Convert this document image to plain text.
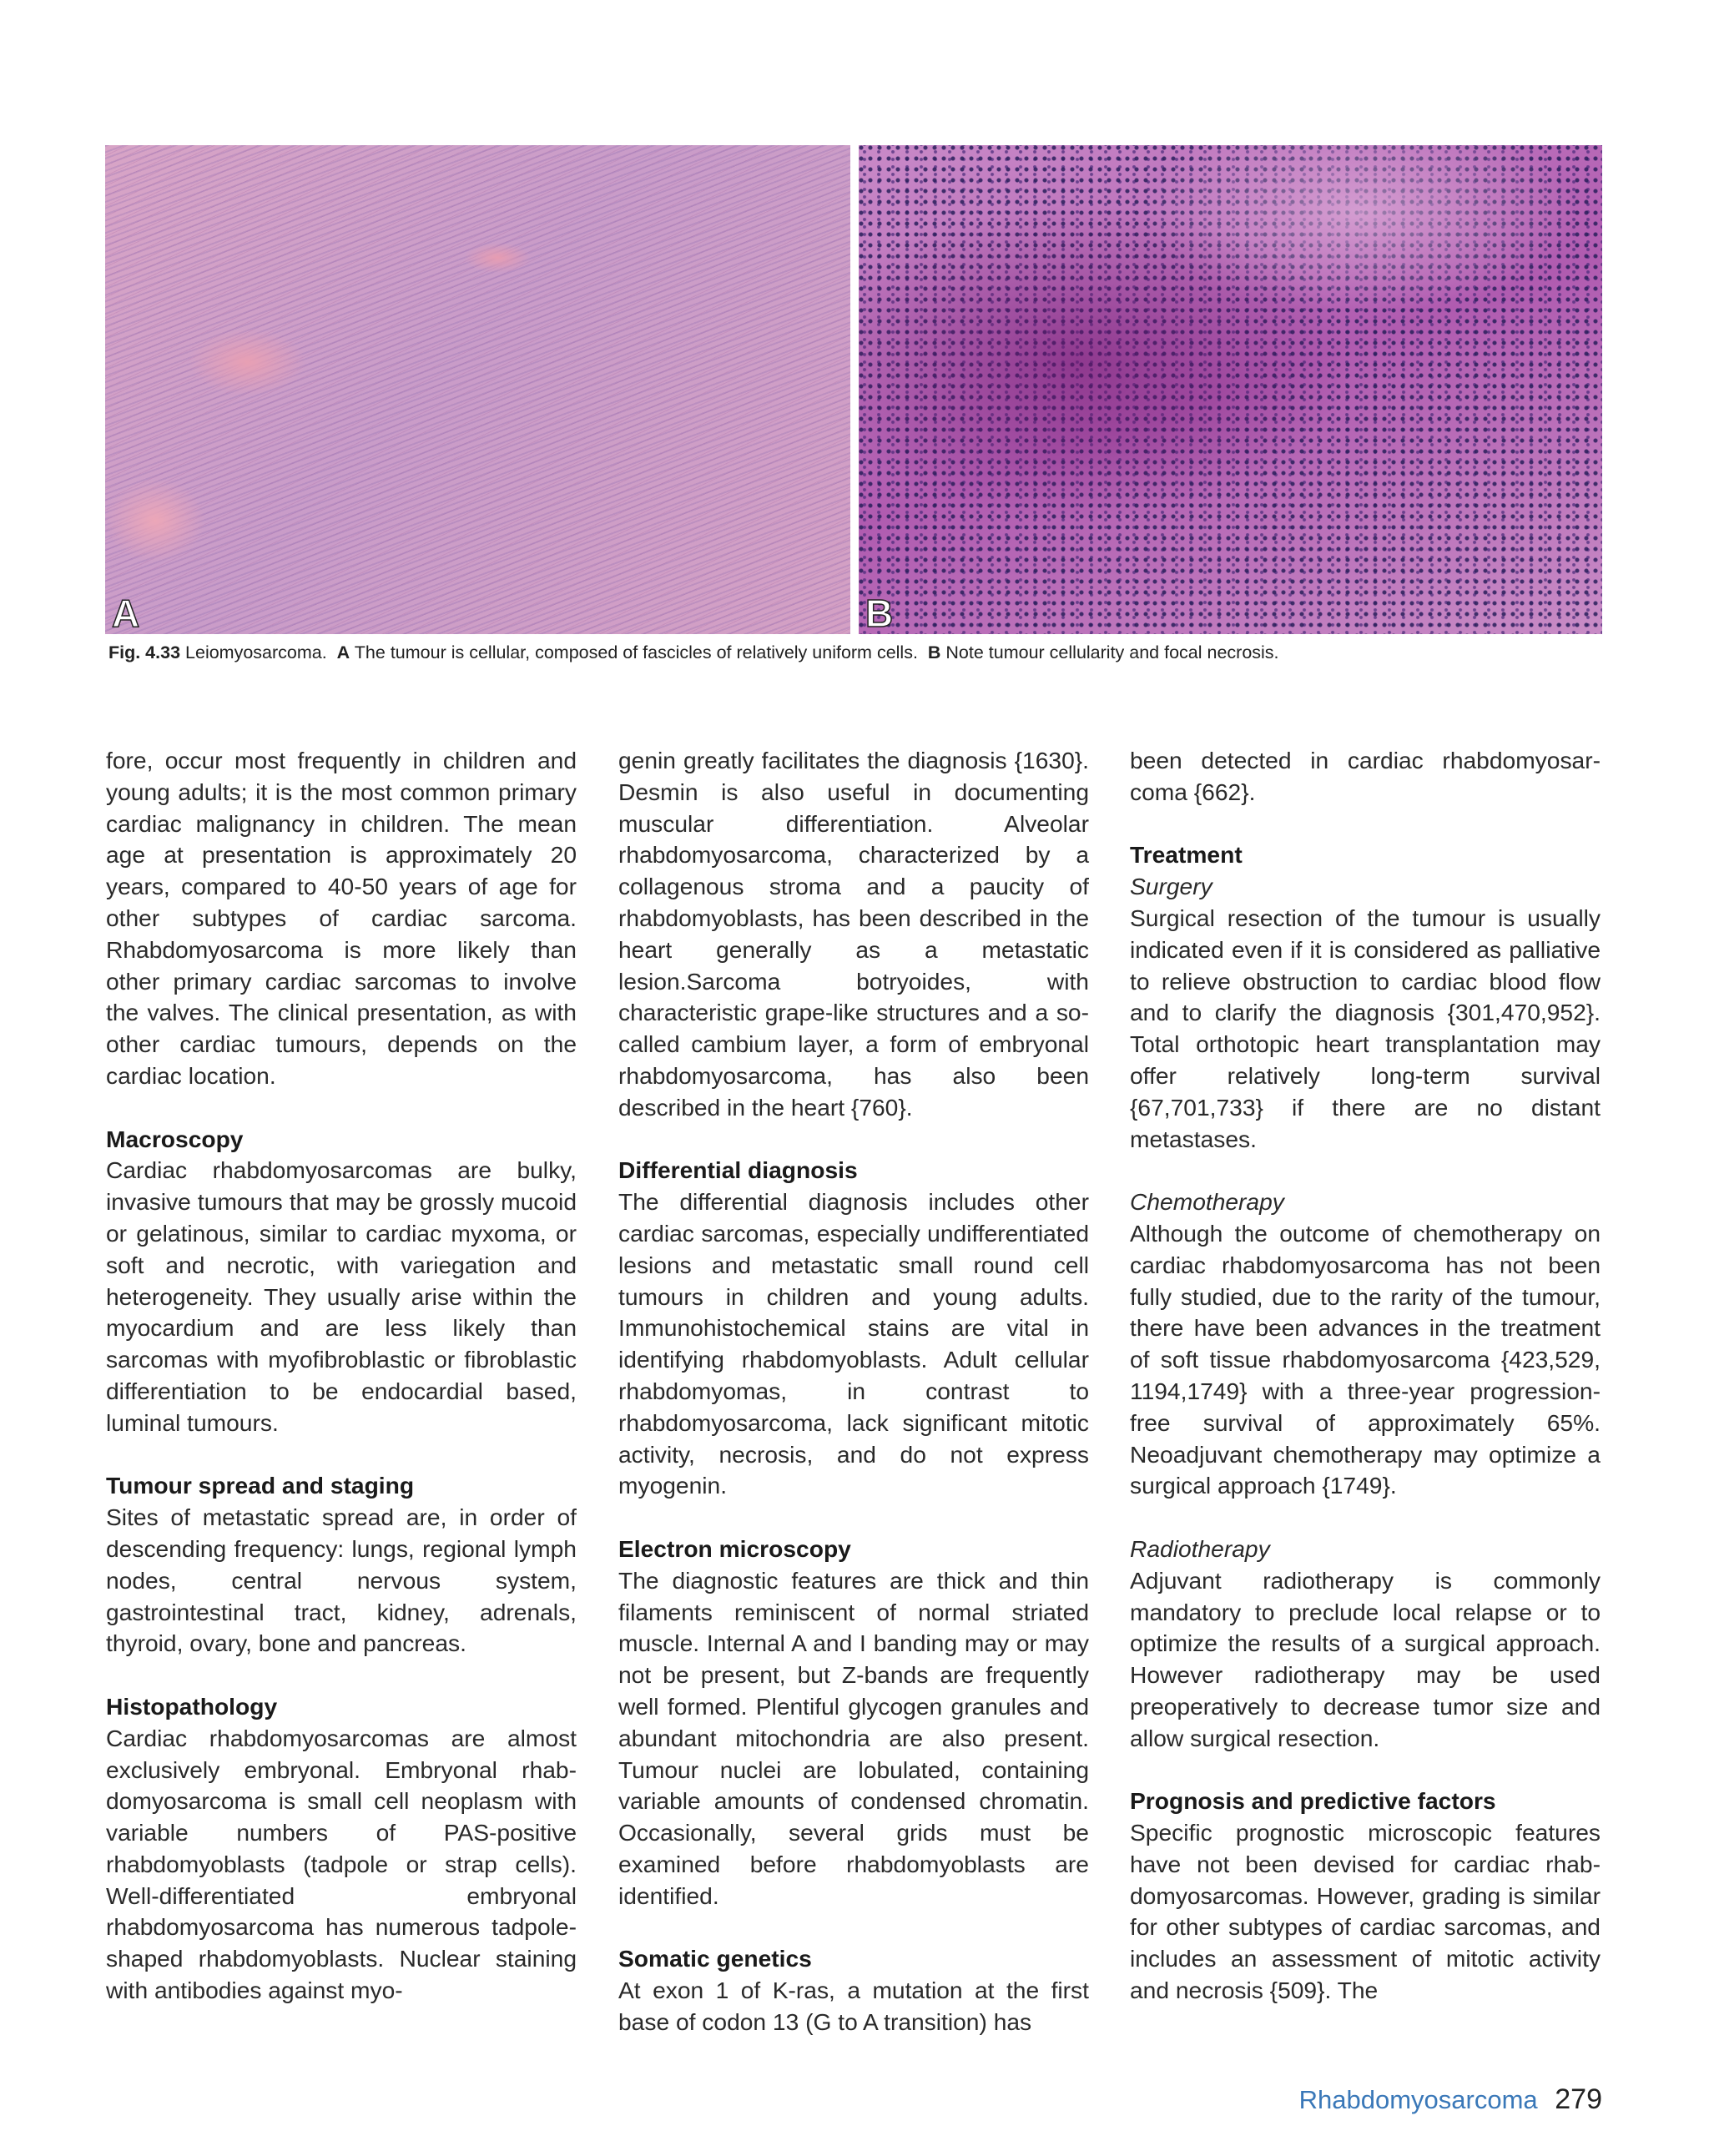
A	B
Fig. 4.33 Leiomyosarcoma. A The tumour is cellular, composed of fascicles of relatively uniform cells. B Note tumour cellularity and focal necrosis.

fore, occur most frequently in children and young adults; it is the most common primary cardiac malignancy in children. The mean age at presentation is approximately 20 years, compared to 40-50 years of age for other subtypes of cardiac sarcoma. Rhabdomyosarcoma is more likely than other primary cardiac sarcomas to involve the valves. The clinical presentation, as with other cardiac tumours, depends on the cardiac location.

Macroscopy

Cardiac rhabdomyosarcomas are bulky, invasive tumours that may be grossly mucoid or gelatinous, similar to cardiac myxoma, or soft and necrotic, with variegation and heterogeneity. They usually arise within the myocardium and are less likely than sarcomas with myofibroblastic or fibroblastic differentiation to be endocardial based, luminal tumours.

Tumour spread and staging

Sites of metastatic spread are, in order of descending frequency: lungs, regional lymph nodes, central nervous system, gastrointestinal tract, kidney, adrenals, thyroid, ovary, bone and pancreas.

Histopathology

Cardiac rhabdomyosarcomas are almost exclusively embryonal. Embryonal rhabdomyosarcoma is small cell neoplasm with variable numbers of PAS-positive rhabdomyoblasts (tadpole or strap cells). Well-differentiated embryonal rhabdomyosarcoma has numerous tadpole-shaped rhabdomyoblasts. Nuclear staining with antibodies against myo-

genin greatly facilitates the diagnosis {1630}. Desmin is also useful in documenting muscular differentiation. Alveolar rhabdomyosarcoma, characterized by a collagenous stroma and a paucity of rhabdomyoblasts, has been described in the heart generally as a metastatic lesion.Sarcoma botryoides, with characteristic grape-like structures and a so-called cambium layer, a form of embryonal rhabdomyosarcoma, has also been described in the heart {760}.

Differential diagnosis

The differential diagnosis includes other cardiac sarcomas, especially undifferentiated lesions and metastatic small round cell tumours in children and young adults. Immunohistochemical stains are vital in identifying rhabdomyoblasts. Adult cellular rhabdomyomas, in contrast to rhabdomyosarcoma, lack significant mitotic activity, necrosis, and do not express myogenin.

Electron microscopy

The diagnostic features are thick and thin filaments reminiscent of normal striated muscle. Internal A and I banding may or may not be present, but Z-bands are frequently well formed. Plentiful glycogen granules and abundant mitochondria are also present. Tumour nuclei are lobulated, containing variable amounts of condensed chromatin. Occasionally, several grids must be examined before rhabdomyoblasts are identified.

Somatic genetics

At exon 1 of K-ras, a mutation at the first base of codon 13 (G to A transition) has

been detected in cardiac rhabdomyosarcoma {662}.

Treatment

Surgery

Surgical resection of the tumour is usually indicated even if it is considered as palliative to relieve obstruction to cardiac blood flow and to clarify the diagnosis {301,470,952}. Total orthotopic heart transplantation may offer relatively long-term survival {67,701,733} if there are no distant metastases.

Chemotherapy

Although the outcome of chemotherapy on cardiac rhabdomyosarcoma has not been fully studied, due to the rarity of the tumour, there have been advances in the treatment of soft tissue rhabdomyosarcoma {423,529, 1194,1749} with a three-year progression-free survival of approximately 65%. Neoadjuvant chemotherapy may optimize a surgical approach {1749}.

Radiotherapy

Adjuvant radiotherapy is commonly mandatory to preclude local relapse or to optimize the results of a surgical approach. However radiotherapy may be used preoperatively to decrease tumor size and allow surgical resection.

Prognosis and predictive factors

Specific prognostic microscopic features have not been devised for cardiac rhabdomyosarcomas. However, grading is similar for other subtypes of cardiac sarcomas, and includes an assessment of mitotic activity and necrosis {509}. The

Rhabdomyosarcoma 279
